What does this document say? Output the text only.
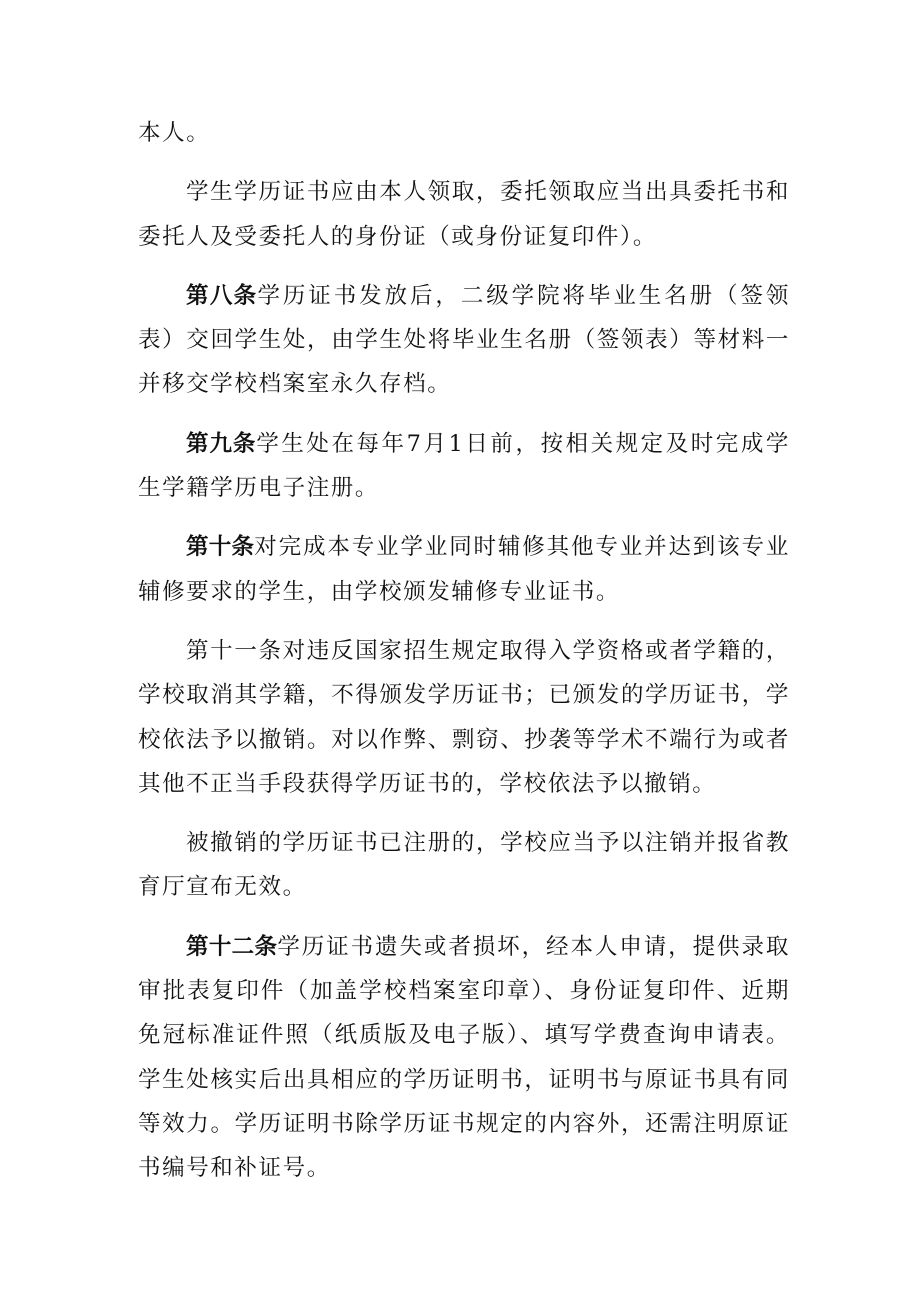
本人。

学生学历证书应由本人领取，委托领取应当出具委托书和委托人及受委托人的身份证（或身份证复印件）。

第八条学历证书发放后，二级学院将毕业生名册（签领表）交回学生处，由学生处将毕业生名册（签领表）等材料一并移交学校档案室永久存档。

第九条学生处在每年7月1日前，按相关规定及时完成学生学籍学历电子注册。

第十条对完成本专业学业同时辅修其他专业并达到该专业辅修要求的学生，由学校颁发辅修专业证书。

第十一条对违反国家招生规定取得入学资格或者学籍的，学校取消其学籍，不得颁发学历证书；已颁发的学历证书，学校依法予以撤销。对以作弊、剽窃、抄袭等学术不端行为或者其他不正当手段获得学历证书的，学校依法予以撤销。

被撤销的学历证书已注册的，学校应当予以注销并报省教育厅宣布无效。

第十二条学历证书遗失或者损坏，经本人申请，提供录取审批表复印件（加盖学校档案室印章）、身份证复印件、近期免冠标准证件照（纸质版及电子版）、填写学费查询申请表。学生处核实后出具相应的学历证明书，证明书与原证书具有同等效力。学历证明书除学历证书规定的内容外，还需注明原证书编号和补证号。
